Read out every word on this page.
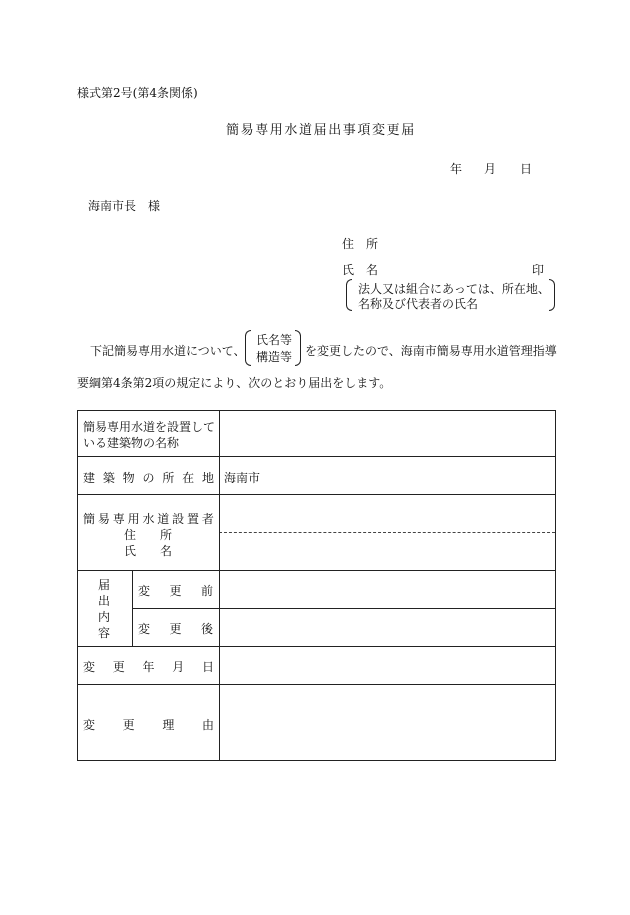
様式第2号(第4条関係)
簡易専用水道届出事項変更届
年 月 日
海南市長　様
住　所
氏　名	印
法人又は組合にあっては、所在地、
名称及び代表者の氏名
下記簡易専用水道について、
氏名等
構造等 を変更したので、海南市簡易専用水道管理指導
要綱第4条第2項の規定により、次のとおり届出をします。
簡易専用水道を設置して
いる建築物の名称
建 築 物 の 所 在 地 海南市
簡 易 専 用 水 道 設 置 者
住　　所
氏　　名
届
出
内
容
変 更 前
変 更 後
変 更 年 月 日
変 更 理 由
